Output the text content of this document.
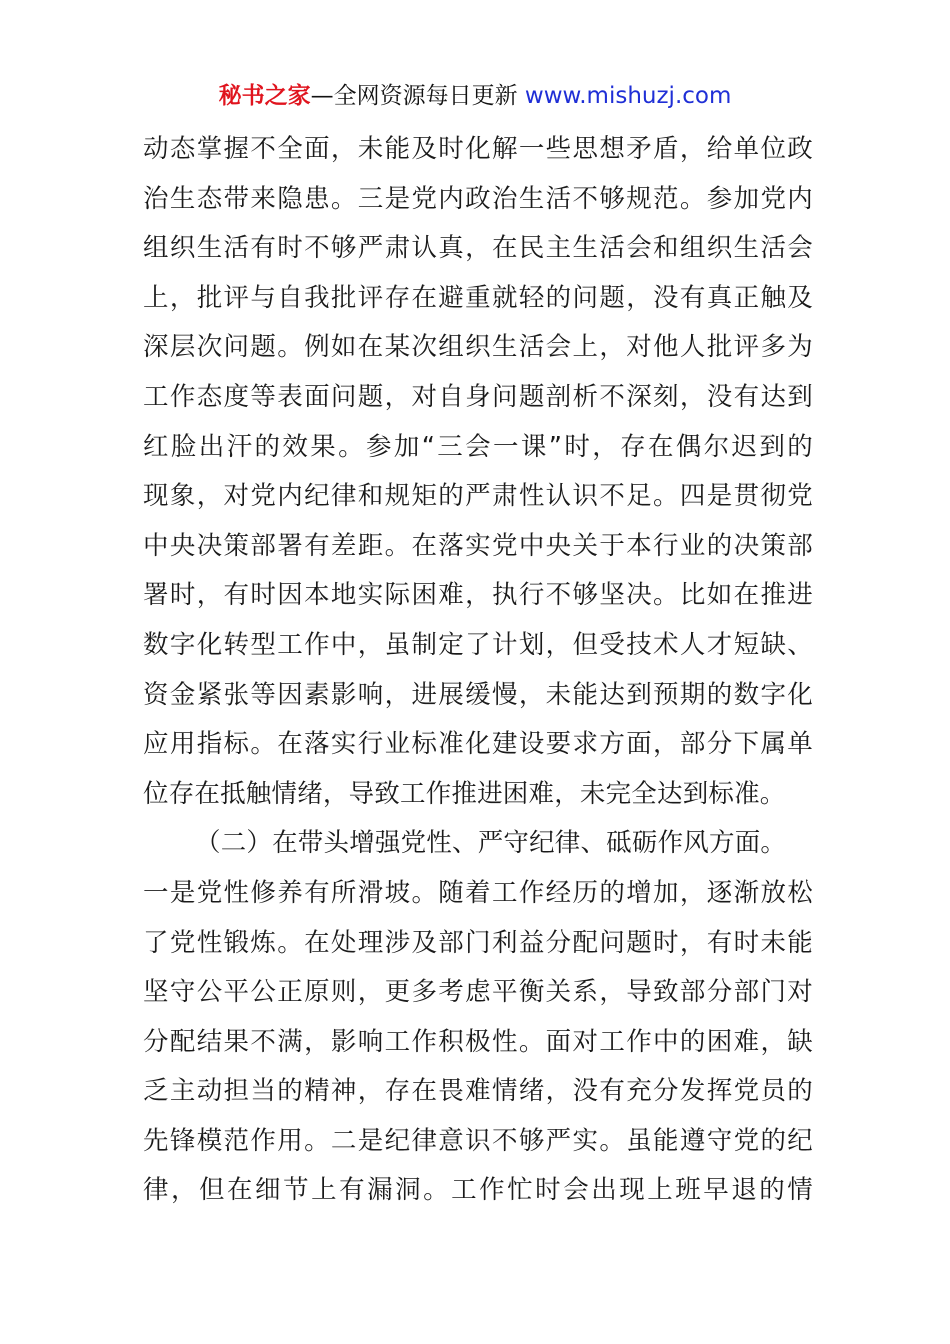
秘书之家—全网资源每日更新 www.mishuzj.com
动态掌握不全面，未能及时化解一些思想矛盾，给单位政
治生态带来隐患。三是党内政治生活不够规范。参加党内
组织生活有时不够严肃认真，在民主生活会和组织生活会
上，批评与自我批评存在避重就轻的问题，没有真正触及
深层次问题。例如在某次组织生活会上，对他人批评多为
工作态度等表面问题，对自身问题剖析不深刻，没有达到
红脸出汗的效果。参加“三会一课”时，存在偶尔迟到的
现象，对党内纪律和规矩的严肃性认识不足。四是贯彻党
中央决策部署有差距。在落实党中央关于本行业的决策部
署时，有时因本地实际困难，执行不够坚决。比如在推进
数字化转型工作中，虽制定了计划，但受技术人才短缺、
资金紧张等因素影响，进展缓慢，未能达到预期的数字化
应用指标。在落实行业标准化建设要求方面，部分下属单
位存在抵触情绪，导致工作推进困难，未完全达到标准。
（二）在带头增强党性、严守纪律、砥砺作风方面。
一是党性修养有所滑坡。随着工作经历的增加，逐渐放松
了党性锻炼。在处理涉及部门利益分配问题时，有时未能
坚守公平公正原则，更多考虑平衡关系，导致部分部门对
分配结果不满，影响工作积极性。面对工作中的困难，缺
乏主动担当的精神，存在畏难情绪，没有充分发挥党员的
先锋模范作用。二是纪律意识不够严实。虽能遵守党的纪
律，但在细节上有漏洞。工作忙时会出现上班早退的情
